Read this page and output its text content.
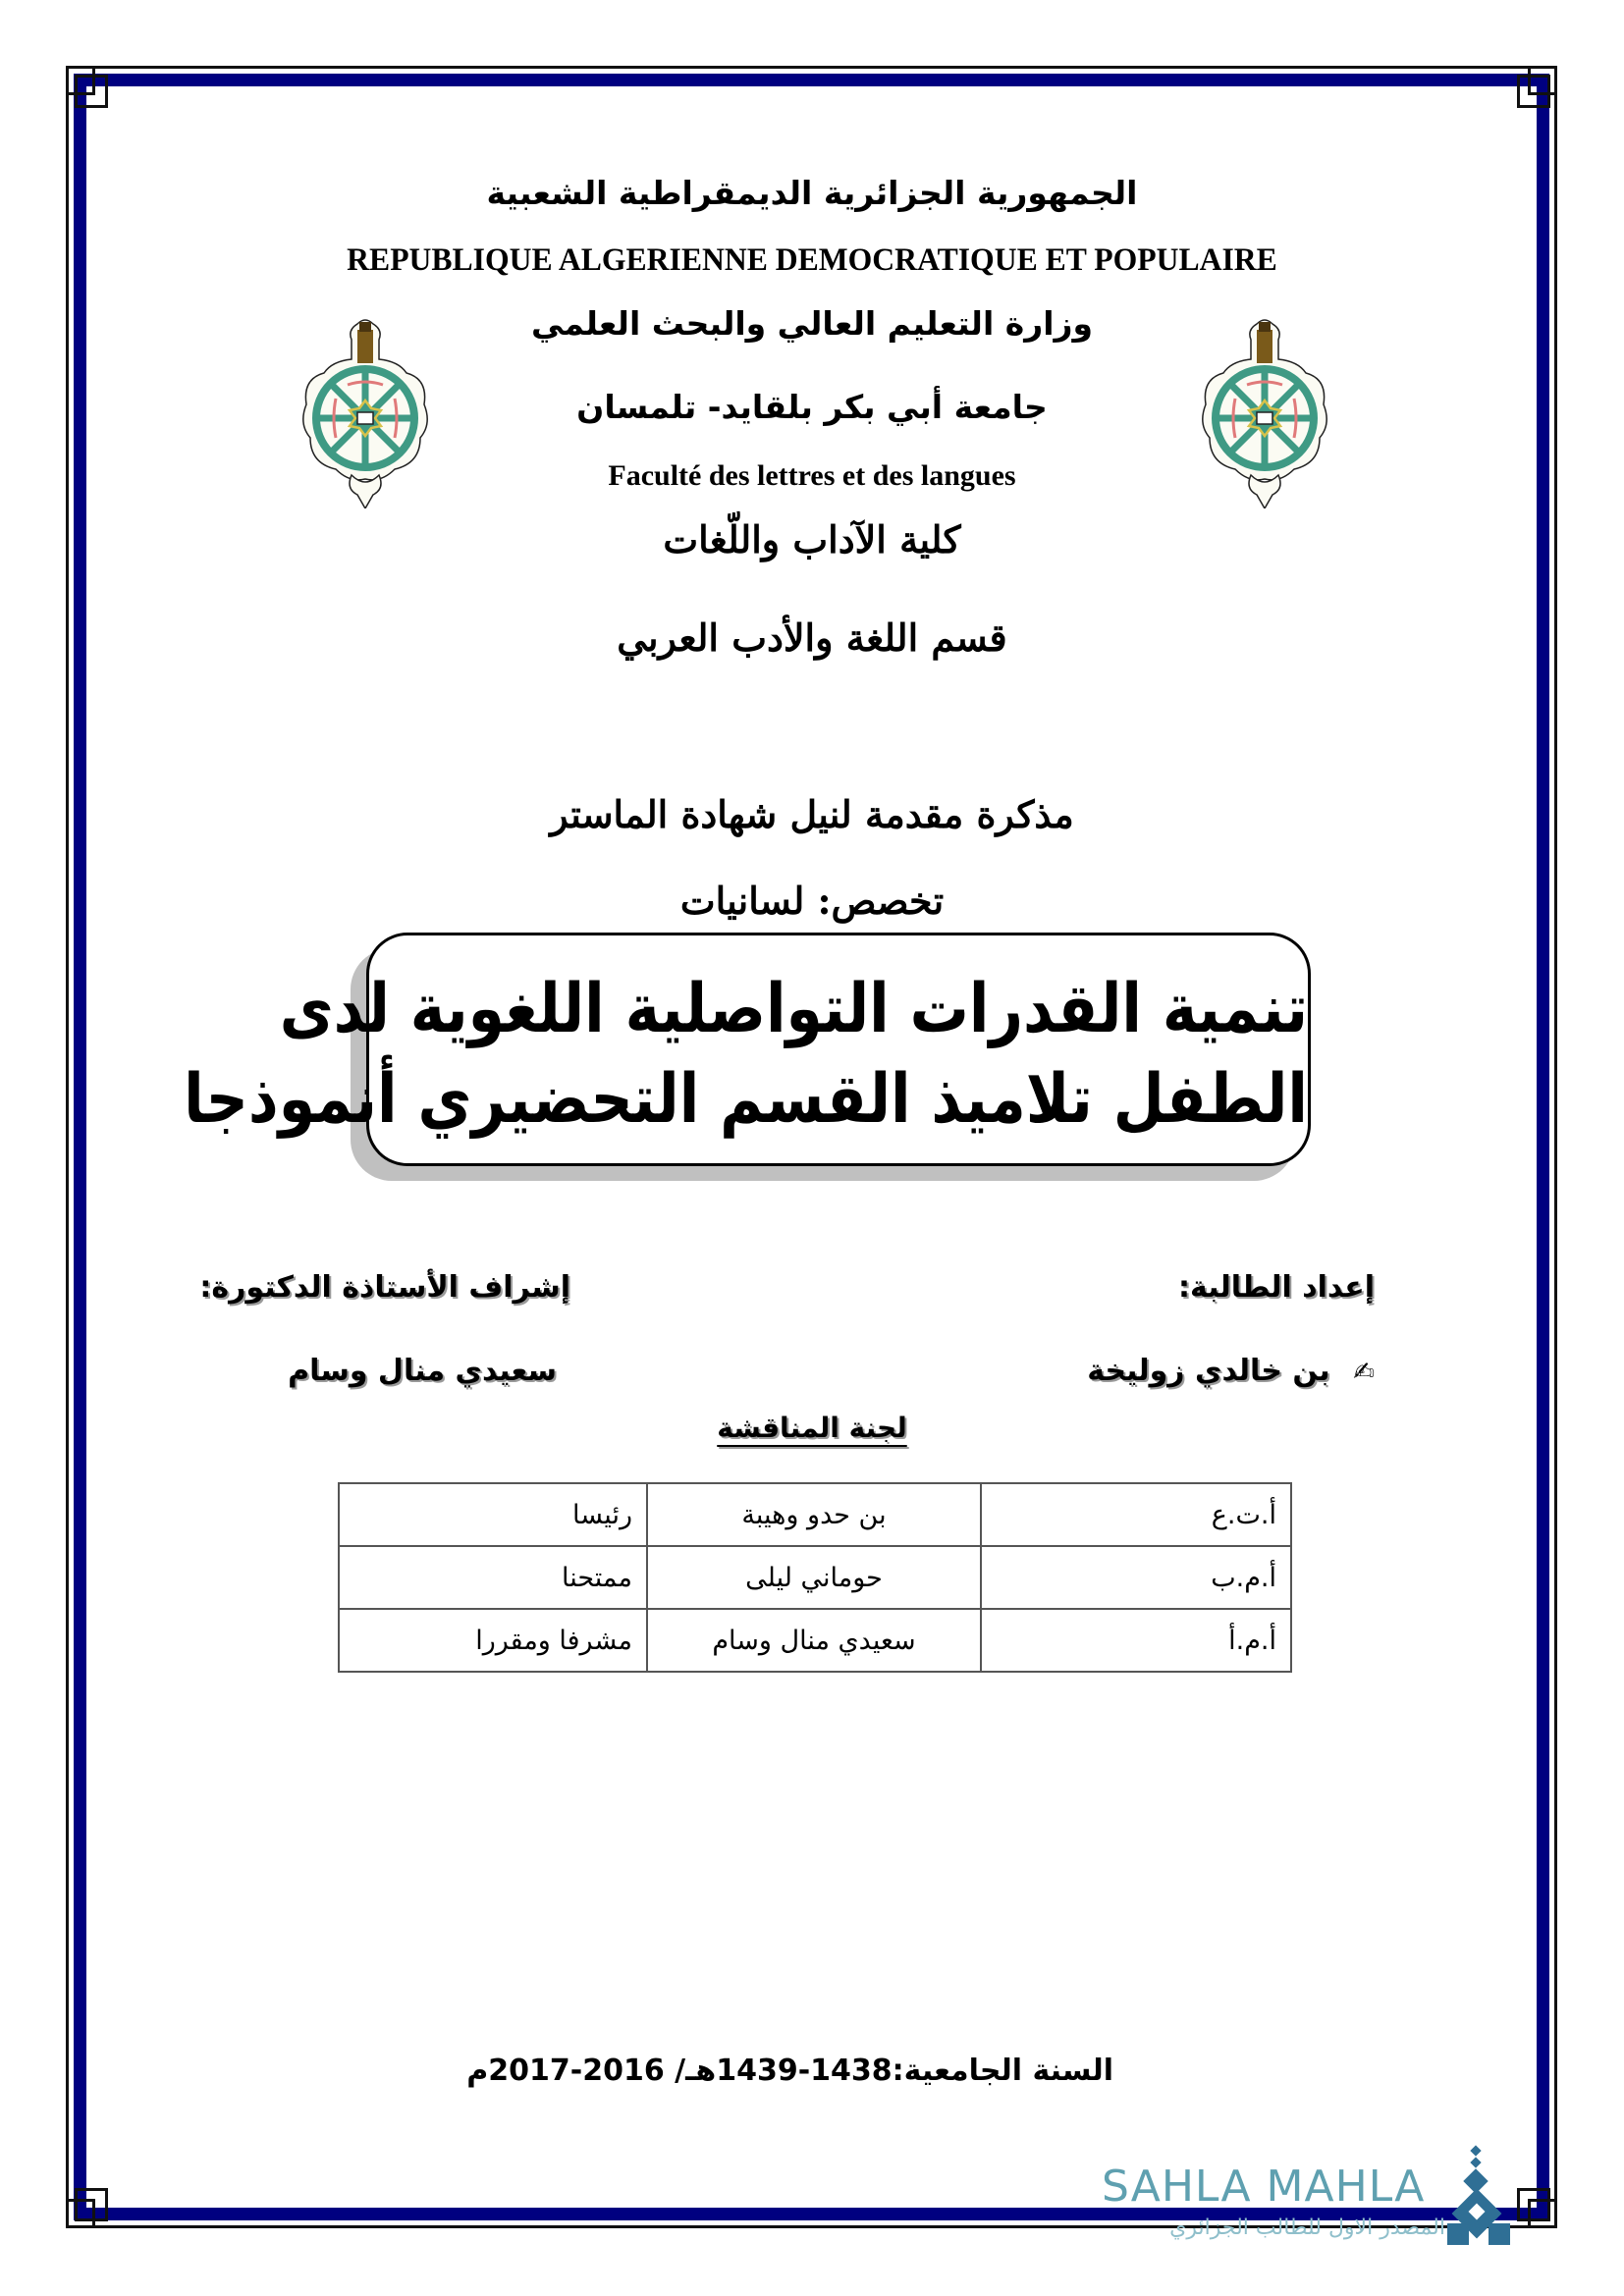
الجمهورية الجزائرية الديمقراطية الشعبية
REPUBLIQUE ALGERIENNE DEMOCRATIQUE ET POPULAIRE
وزارة التعليم العالي والبحث العلمي
جامعة أبي بكر بلقايد- تلمسان
Faculté des lettres et des langues
كلية الآداب واللّغات
قسم اللغة والأدب العربي
مذكرة مقدمة لنيل شهادة الماستر
تخصص: لسانيات
تنمية القدرات التواصلية اللغوية لدى
الطفل تلاميذ القسم التحضيري أنموذجا
إعداد الطالبة:
إشراف الأستاذة الدكتورة:
✍ بن خالدي زوليخة
سعيدي منال وسام
لجنة المناقشة
أ.ت.ع	بن حدو وهيبة	رئيسا
أ.م.ب	حوماني ليلى	ممتحنا
أ.م.أ	سعيدي منال وسام	مشرفا ومقررا
السنة الجامعية:1438-1439هـ/ 2016-2017م
SAHLA MAHLA
المصدر الاول للطالب الجزائري
